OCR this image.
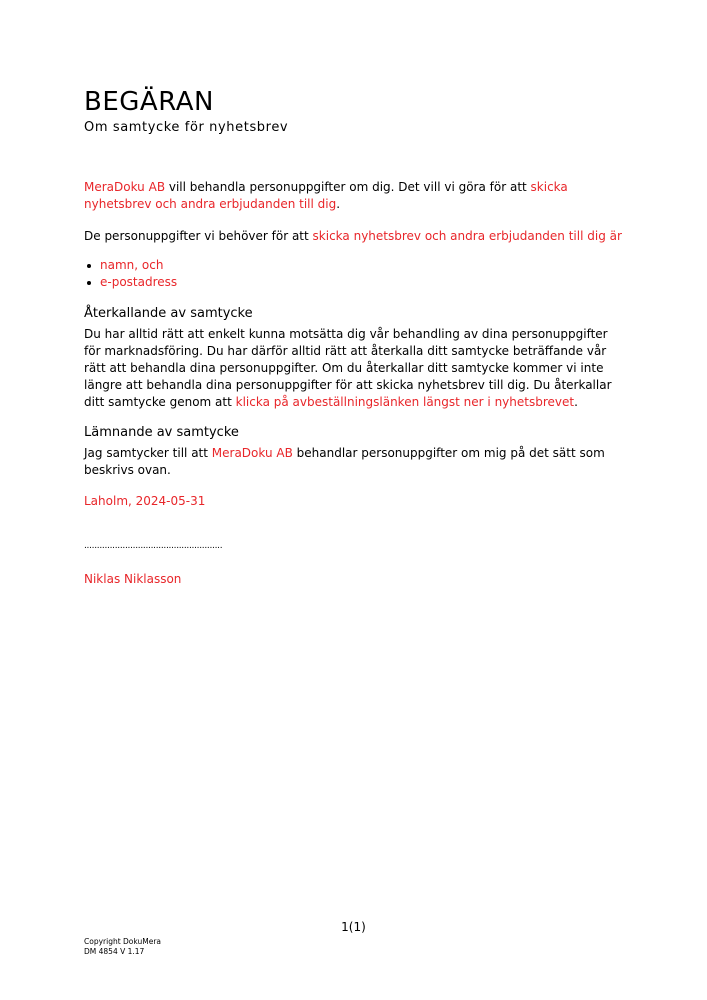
BEGÄRAN

Om samtycke för nyhetsbrev

MeraDoku AB vill behandla personuppgifter om dig. Det vill vi göra för att skicka nyhetsbrev och andra erbjudanden till dig.
De personuppgifter vi behöver för att skicka nyhetsbrev och andra erbjudanden till dig är
namn, och
e-postadress
Återkallande av samtycke
Du har alltid rätt att enkelt kunna motsätta dig vår behandling av dina personuppgifter för marknadsföring. Du har därför alltid rätt att återkalla ditt samtycke beträffande vår rätt att behandla dina personuppgifter. Om du återkallar ditt samtycke kommer vi inte längre att behandla dina personuppgifter för att skicka nyhetsbrev till dig. Du återkallar ditt samtycke genom att klicka på avbeställningslänken längst ner i nyhetsbrevet.
Lämnande av samtycke
Jag samtycker till att MeraDoku AB behandlar personuppgifter om mig på det sätt som beskrivs ovan.
Laholm, 2024-05-31
......................................................
Niklas Niklasson
1(1)
Copyright DokuMera
DM 4854 V 1.17
